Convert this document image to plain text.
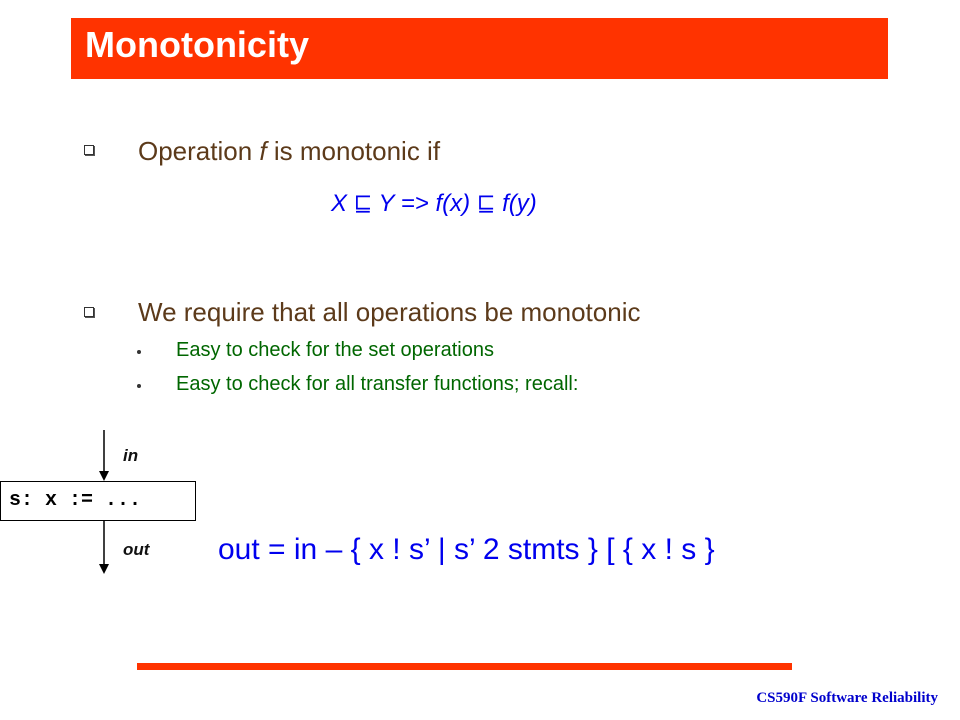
Monotonicity
Operation f is monotonic if
X ⊑ Y => f(x) ⊑ f(y)
We require that all operations be monotonic
Easy to check for the set operations
Easy to check for all transfer functions; recall:
in
s: x := ...
out out = in – { x ! s’ | s’ 2 stmts } [ { x ! s }
CS590F Software Reliability
